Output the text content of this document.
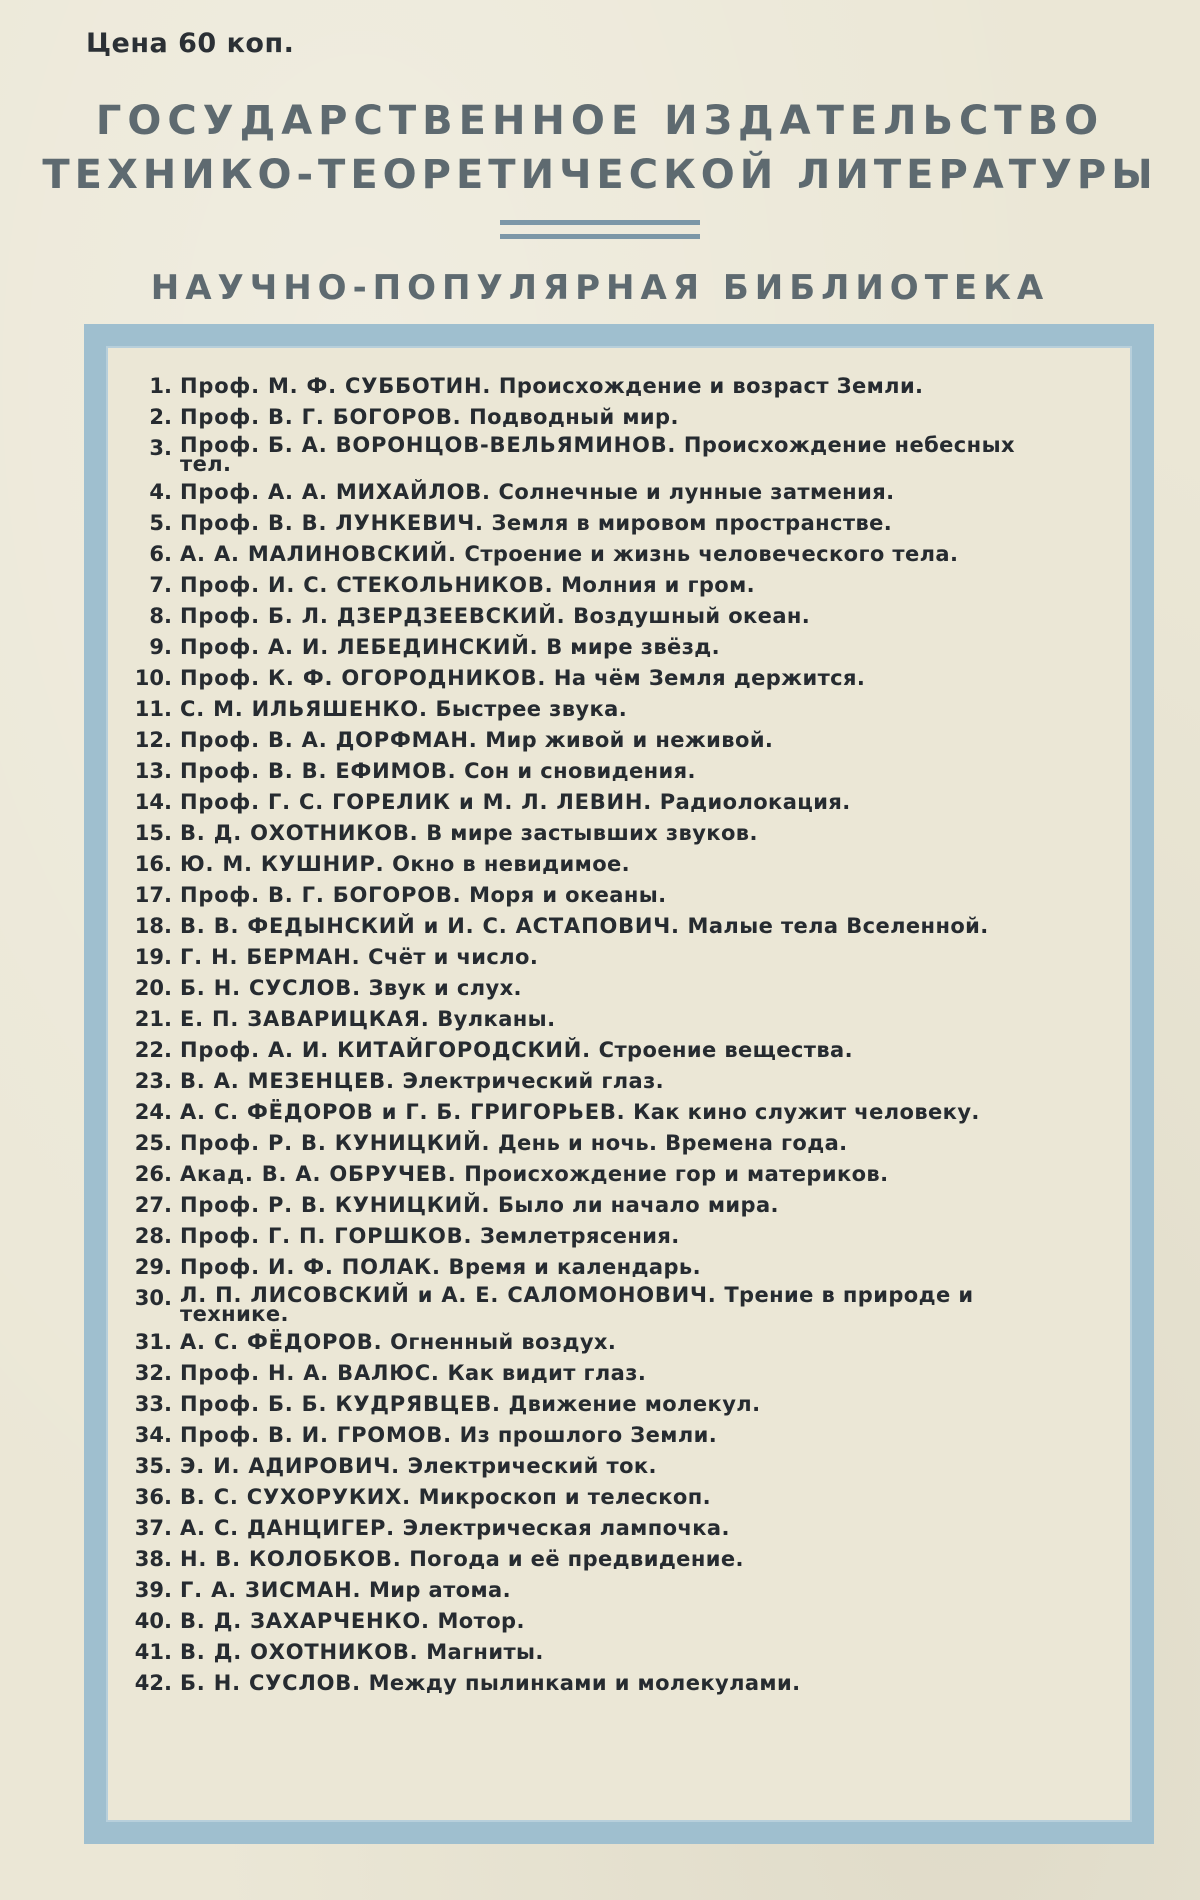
Цена 60 коп.
ГОСУДАРСТВЕННОЕ ИЗДАТЕЛЬСТВО
ТЕХНИКО-ТЕОРЕТИЧЕСКОЙ ЛИТЕРАТУРЫ
НАУЧНО-ПОПУЛЯРНАЯ БИБЛИОТЕКА
1. Проф. М. Ф. СУББОТИН. Происхождение и возраст Земли.
2. Проф. В. Г. БОГОРОВ. Подводный мир.
3. Проф. Б. А. ВОРОНЦОВ-ВЕЛЬЯМИНОВ. Происхождение небесных тел.
4. Проф. А. А. МИХАЙЛОВ. Солнечные и лунные затмения.
5. Проф. В. В. ЛУНКЕВИЧ. Земля в мировом пространстве.
6. А. А. МАЛИНОВСКИЙ. Строение и жизнь человеческого тела.
7. Проф. И. С. СТЕКОЛЬНИКОВ. Молния и гром.
8. Проф. Б. Л. ДЗЕРДЗЕЕВСКИЙ. Воздушный океан.
9. Проф. А. И. ЛЕБЕДИНСКИЙ. В мире звёзд.
10. Проф. К. Ф. ОГОРОДНИКОВ. На чём Земля держится.
11. С. М. ИЛЬЯШЕНКО. Быстрее звука.
12. Проф. В. А. ДОРФМАН. Мир живой и неживой.
13. Проф. В. В. ЕФИМОВ. Сон и сновидения.
14. Проф. Г. С. ГОРЕЛИК и М. Л. ЛЕВИН. Радиолокация.
15. В. Д. ОХОТНИКОВ. В мире застывших звуков.
16. Ю. М. КУШНИР. Окно в невидимое.
17. Проф. В. Г. БОГОРОВ. Моря и океаны.
18. В. В. ФЕДЫНСКИЙ и И. С. АСТАПОВИЧ. Малые тела Вселенной.
19. Г. Н. БЕРМАН. Счёт и число.
20. Б. Н. СУСЛОВ. Звук и слух.
21. Е. П. ЗАВАРИЦКАЯ. Вулканы.
22. Проф. А. И. КИТАЙГОРОДСКИЙ. Строение вещества.
23. В. А. МЕЗЕНЦЕВ. Электрический глаз.
24. А. С. ФЁДОРОВ и Г. Б. ГРИГОРЬЕВ. Как кино служит человеку.
25. Проф. Р. В. КУНИЦКИЙ. День и ночь. Времена года.
26. Акад. В. А. ОБРУЧЕВ. Происхождение гор и материков.
27. Проф. Р. В. КУНИЦКИЙ. Было ли начало мира.
28. Проф. Г. П. ГОРШКОВ. Землетрясения.
29. Проф. И. Ф. ПОЛАК. Время и календарь.
30. Л. П. ЛИСОВСКИЙ и А. Е. САЛОМОНОВИЧ. Трение в природе и технике.
31. А. С. ФЁДОРОВ. Огненный воздух.
32. Проф. Н. А. ВАЛЮС. Как видит глаз.
33. Проф. Б. Б. КУДРЯВЦЕВ. Движение молекул.
34. Проф. В. И. ГРОМОВ. Из прошлого Земли.
35. Э. И. АДИРОВИЧ. Электрический ток.
36. В. С. СУХОРУКИХ. Микроскоп и телескоп.
37. А. С. ДАНЦИГЕР. Электрическая лампочка.
38. Н. В. КОЛОБКОВ. Погода и её предвидение.
39. Г. А. ЗИСМАН. Мир атома.
40. В. Д. ЗАХАРЧЕНКО. Мотор.
41. В. Д. ОХОТНИКОВ. Магниты.
42. Б. Н. СУСЛОВ. Между пылинками и молекулами.
